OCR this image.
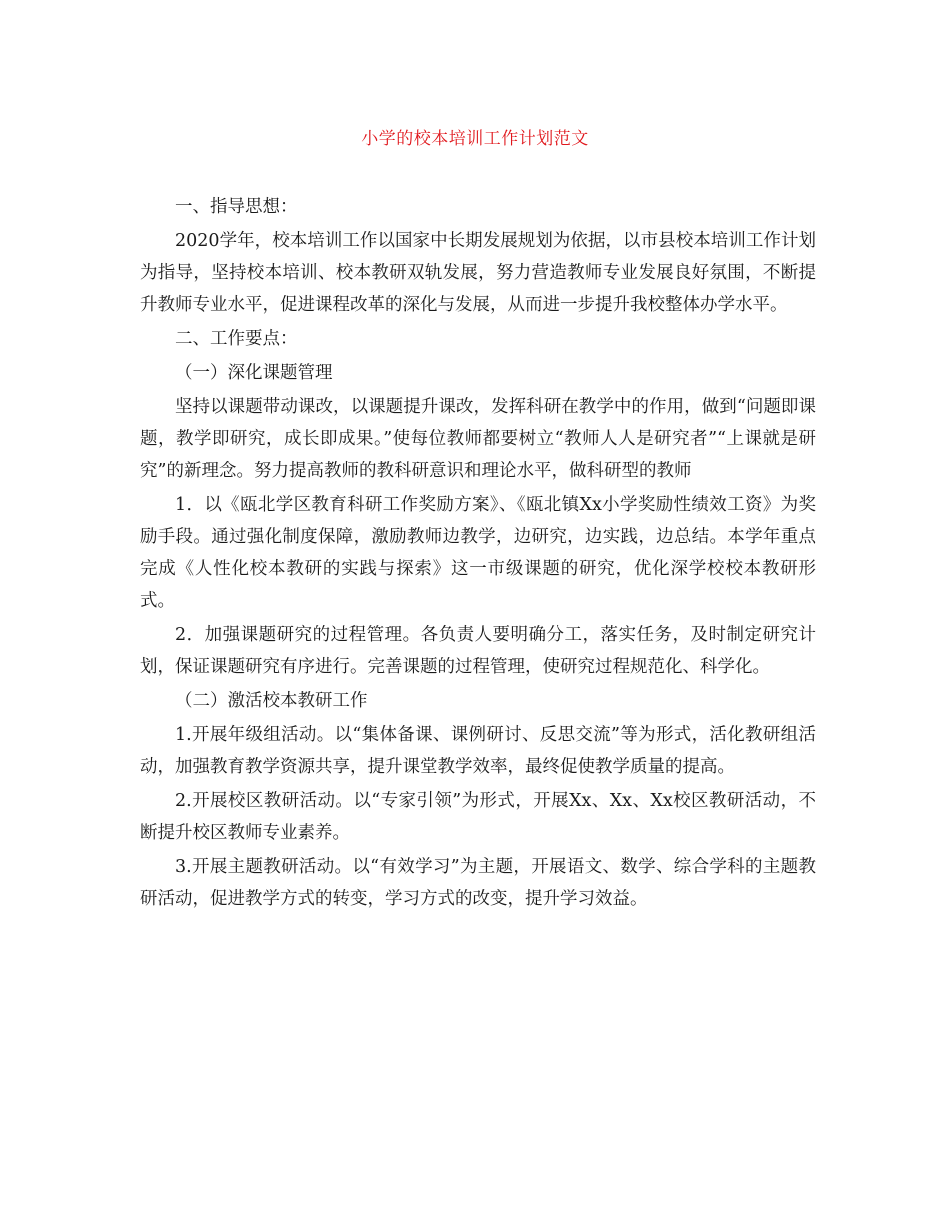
小学的校本培训工作计划范文

一、指导思想：

2020学年，校本培训工作以国家中长期发展规划为依据，以市县校本培训工作计划为指导，坚持校本培训、校本教研双轨发展，努力营造教师专业发展良好氛围，不断提升教师专业水平，促进课程改革的深化与发展，从而进一步提升我校整体办学水平。

二、工作要点：

（一）深化课题管理

坚持以课题带动课改，以课题提升课改，发挥科研在教学中的作用，做到“问题即课题，教学即研究，成长即成果。”使每位教师都要树立“教师人人是研究者”“上课就是研究”的新理念。努力提高教师的教科研意识和理论水平，做科研型的教师

1．以《瓯北学区教育科研工作奖励方案》、《瓯北镇Xx小学奖励性绩效工资》为奖励手段。通过强化制度保障，激励教师边教学，边研究，边实践，边总结。本学年重点完成《人性化校本教研的实践与探索》这一市级课题的研究，优化深学校校本教研形式。

2．加强课题研究的过程管理。各负责人要明确分工，落实任务，及时制定研究计划，保证课题研究有序进行。完善课题的过程管理，使研究过程规范化、科学化。

（二）激活校本教研工作

1.开展年级组活动。以“集体备课、课例研讨、反思交流”等为形式，活化教研组活动，加强教育教学资源共享，提升课堂教学效率，最终促使教学质量的提高。

2.开展校区教研活动。以“专家引领”为形式，开展Xx、Xx、Xx校区教研活动，不断提升校区教师专业素养。

3.开展主题教研活动。以“有效学习”为主题，开展语文、数学、综合学科的主题教研活动，促进教学方式的转变，学习方式的改变，提升学习效益。
